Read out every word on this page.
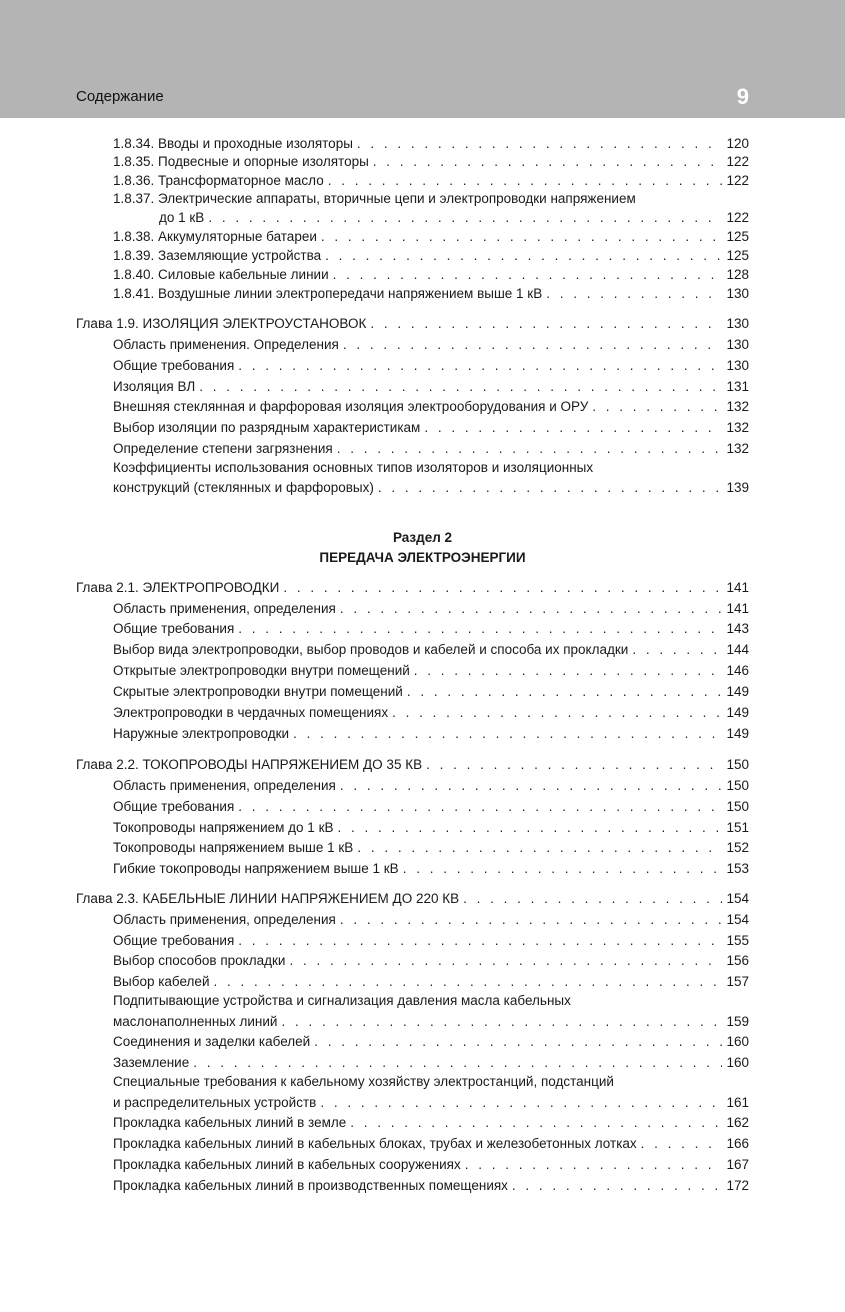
Содержание	9
1.8.34. Вводы и проходные изоляторы . . .	120
1.8.35. Подвесные и опорные изоляторы . . .	122
1.8.36. Трансформаторное масло . . .	122
1.8.37. Электрические аппараты, вторичные цепи и электропроводки напряжением
до 1 кВ . . .	122
1.8.38. Аккумуляторные батареи . . .	125
1.8.39. Заземляющие устройства . . .	125
1.8.40. Силовые кабельные линии . . .	128
1.8.41. Воздушные линии электропередачи напряжением выше 1 кВ . . .	130
Глава 1.9. ИЗОЛЯЦИЯ ЭЛЕКТРОУСТАНОВОК . . .	130
Область применения. Определения . . .	130
Общие требования . . .	130
Изоляция ВЛ . . .	131
Внешняя стеклянная и фарфоровая изоляция электрооборудования и ОРУ . . .	132
Выбор изоляции по разрядным характеристикам . . .	132
Определение степени загрязнения . . .	132
Коэффициенты использования основных типов изоляторов и изоляционных
конструкций (стеклянных и фарфоровых) . . .	139
Раздел 2
ПЕРЕДАЧА ЭЛЕКТРОЭНЕРГИИ
Глава 2.1. ЭЛЕКТРОПРОВОДКИ . . .	141
Область применения, определения . . .	141
Общие требования . . .	143
Выбор вида электропроводки, выбор проводов и кабелей и способа их прокладки . . .	144
Открытые электропроводки внутри помещений . . .	146
Скрытые электропроводки внутри помещений . . .	149
Электропроводки в чердачных помещениях . . .	149
Наружные электропроводки . . .	149
Глава 2.2. ТОКОПРОВОДЫ НАПРЯЖЕНИЕМ ДО 35 КВ . . .	150
Область применения, определения . . .	150
Общие требования . . .	150
Токопроводы напряжением до 1 кВ . . .	151
Токопроводы напряжением выше 1 кВ . . .	152
Гибкие токопроводы напряжением выше 1 кВ . . .	153
Глава 2.3. КАБЕЛЬНЫЕ ЛИНИИ НАПРЯЖЕНИЕМ ДО 220 КВ . . .	154
Область применения, определения . . .	154
Общие требования . . .	155
Выбор способов прокладки . . .	156
Выбор кабелей . . .	157
Подпитывающие устройства и сигнализация давления масла кабельных
маслонаполненных линий . . .	159
Соединения и заделки кабелей . . .	160
Заземление . . .	160
Специальные требования к кабельному хозяйству электростанций, подстанций
и распределительных устройств . . .	161
Прокладка кабельных линий в земле . . .	162
Прокладка кабельных линий в кабельных блоках, трубах и железобетонных лотках . . .	166
Прокладка кабельных линий в кабельных сооружениях . . .	167
Прокладка кабельных линий в производственных помещениях . . .	172
